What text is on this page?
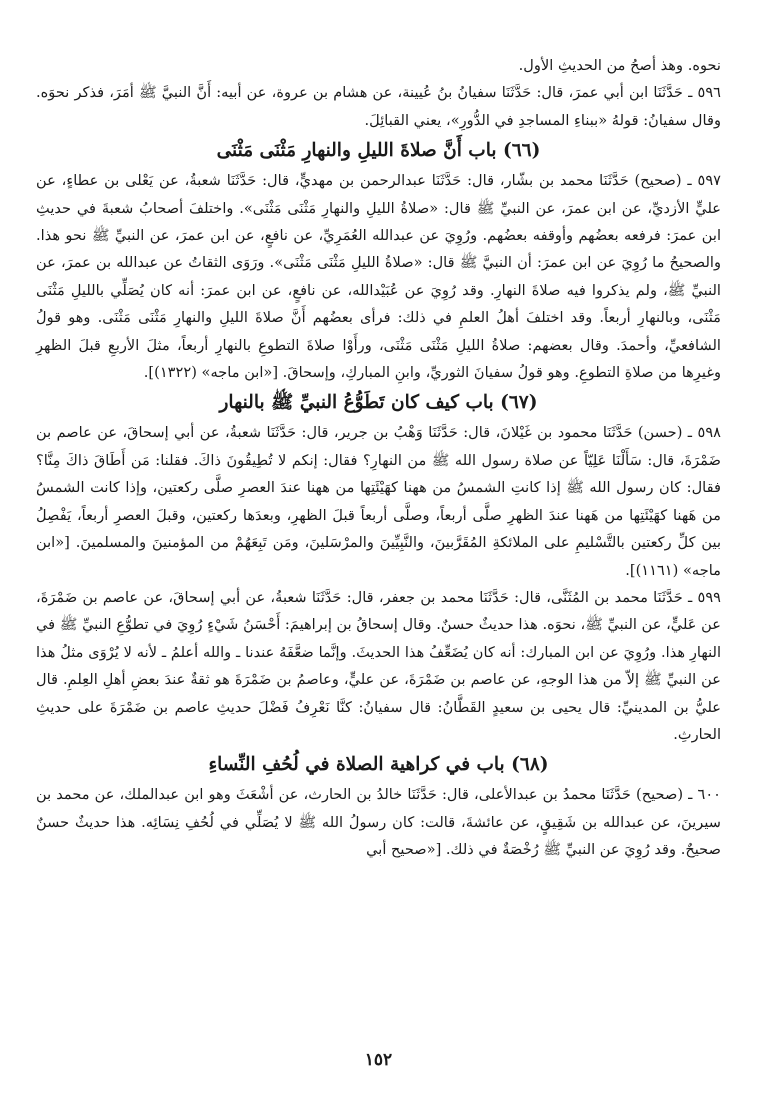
نحوه. وهذ أصحُ من الحديثِ الأول.

٥٩٦ ـ حَدَّثَنَا ابن أبي عمرَ، قال: حَدَّثَنَا سفيانُ بنُ عُيينة، عن هشام بن عروة، عن أبيه: أَنَّ النبيَّ ﷺ أمَرَ، فذكر نحوَه. وقال سفيانُ: قولهُ «ببناءِ المساجدِ في الدُّورِ»، يعني القبائِلَ.

(٦٦) باب أَنَّ صلاةَ الليلِ والنهارِ مَثْنَى مَثْنَى

٥٩٧ ـ (صحيح) حَدَّثَنَا محمد بن بشّار، قال: حَدَّثَنَا عبدالرحمن بن مهديٍّ، قال: حَدَّثَنَا شعبةُ، عن يَعْلى بن عطاءٍ، عن عليٍّ الأزديِّ، عن ابن عمرَ، عن النبيِّ ﷺ قال: «صلاةُ الليلِ والنهارِ مَثْنَى مَثْنَى». واختلفَ أصحابُ شعبةَ في حديثِ ابن عمرَ: فرفعه بعضُهم وأوقفه بعضُهم. ورُوِيَ عن عبدالله العُمَرِيِّ، عن نافعٍ، عن ابن عمرَ، عن النبيِّ ﷺ نحو هذا. والصحيحُ ما رُوِيَ عن ابن عمرَ: أن النبيَّ ﷺ قال: «صلاةُ الليلِ مَثْنَى مَثْنَى». ورَوَى الثقاتُ عن عبدالله بن عمرَ، عن النبيِّ ﷺ، ولم يذكروا فيه صلاةَ النهارِ. وقد رُوِيَ عن عُبَيْدالله، عن نافعٍ، عن ابن عمرَ: أنه كان يُصَلِّي بالليلِ مَثْنَى مَثْنَى، وبالنهارِ أربعاً. وقد اختلفَ أهلُ العلمِ في ذلك: فرأى بعضُهم أَنَّ صلاةَ الليلِ والنهارِ مَثْنَى مَثْنَى. وهو قولُ الشافعيِّ، وأحمدَ. وقال بعضهم: صلاةُ الليلِ مَثْنَى مَثْنَى، ورأَوْا صلاةَ التطوعِ بالنهارِ أربعاً، مثلَ الأربعِ قبلَ الظهرِ وغيرِها من صلاةِ التطوعِ. وهو قولُ سفيانَ الثوريِّ، وابنِ المباركِ، وإسحاقَ. [«ابن ماجه» (١٣٢٢)].

(٦٧) باب كيف كان تَطَوُّعُ النبيِّ ﷺ بالنهار

٥٩٨ ـ (حسن) حَدَّثَنَا محمود بن غَيْلانَ، قال: حَدَّثَنَا وَهْبُ بن جرير، قال: حَدَّثَنَا شعبةُ، عن أبي إسحاقَ، عن عاصم بن ضَمْرَةَ، قال: سَأَلْنَا عَلِيّاً عن صلاة رسول الله ﷺ من النهارِ؟ فقال: إنكم لا تُطِيقُونَ ذاكَ. فقلنا: مَن أَطَاقَ ذاكَ مِنَّا؟ فقال: كان رسول الله ﷺ إذا كانتِ الشمسُ من ههنا كهَيْئَتِها من ههنا عندَ العصرِ صلَّى ركعتين، وإذا كانت الشمسُ من هَهنا كهَيْئَتِها من هَهنا عندَ الظهرِ صلَّى أربعاً، وصلَّى أربعاً قبلَ الظهرِ، وبعدَها ركعتين، وقبلَ العصرِ أربعاً، يَفْصِلُ بين كلِّ ركعتين بالتَّسْليمِ على الملائكةِ المُقَرَّبينَ، والنَّبِيِّينَ والمرْسَلينَ، ومَن تَبِعَهُمْ من المؤمنينَ والمسلمينَ. [«ابن ماجه» (١١٦١)].

٥٩٩ ـ حَدَّثَنَا محمد بن المُثَنَّى، قال: حَدَّثَنَا محمد بن جعفر، قال: حَدَّثَنَا شعبةُ، عن أبي إسحاقَ، عن عاصم بن ضَمْرَةَ، عن عَليٍّ، عن النبيِّ ﷺ، نحوَه. هذا حديثٌ حسنٌ. وقال إسحاقُ بن إبراهيمَ: أَحْسَنُ شَيْءٍ رُوِيَ في تطوُّعِ النبيِّ ﷺ في النهارِ هذا. ورُوِيَ عن ابن المبارك: أنه كان يُضَعِّفُ هذا الحديثَ. وإنَّما ضعَّفَهُ عندنا ـ والله أعلمُ ـ لأنه لا يُرْوَى مثلُ هذا عن النبيِّ ﷺ إلاّ من هذا الوجهِ، عن عاصم بن ضَمْرَةَ، عن عليٍّ، وعاصمُ بن ضَمْرَةَ هو ثقةٌ عندَ بعضِ أهلِ العِلمِ. قال عليُّ بن المدينيِّ: قال يحيى بن سعيدٍ القَطَّانُ: قال سفيانُ: كنَّا نَعْرِفُ فَضْلَ حديثِ عاصم بن ضَمْرَةَ على حديثِ الحارثِ.

(٦٨) باب في كراهية الصلاة في لُحُفِ النِّساءِ

٦٠٠ ـ (صحيح) حَدَّثَنَا محمدُ بن عبدالأعلى، قال: حَدَّثَنَا خالدُ بن الحارث، عن أشْعَثَ وهو ابن عبدالملك، عن محمد بن سيرينَ، عن عبدالله بن شَقِيقٍ، عن عائشةَ، قالت: كان رسولُ الله ﷺ لا يُصَلِّي في لُحُفِ نِسَائِه. هذا حديثٌ حسنٌ صحيحٌ. وقد رُوِيَ عن النبيِّ ﷺ رُخْصَةٌ في ذلك. [«صحيح أبي

١٥٢
